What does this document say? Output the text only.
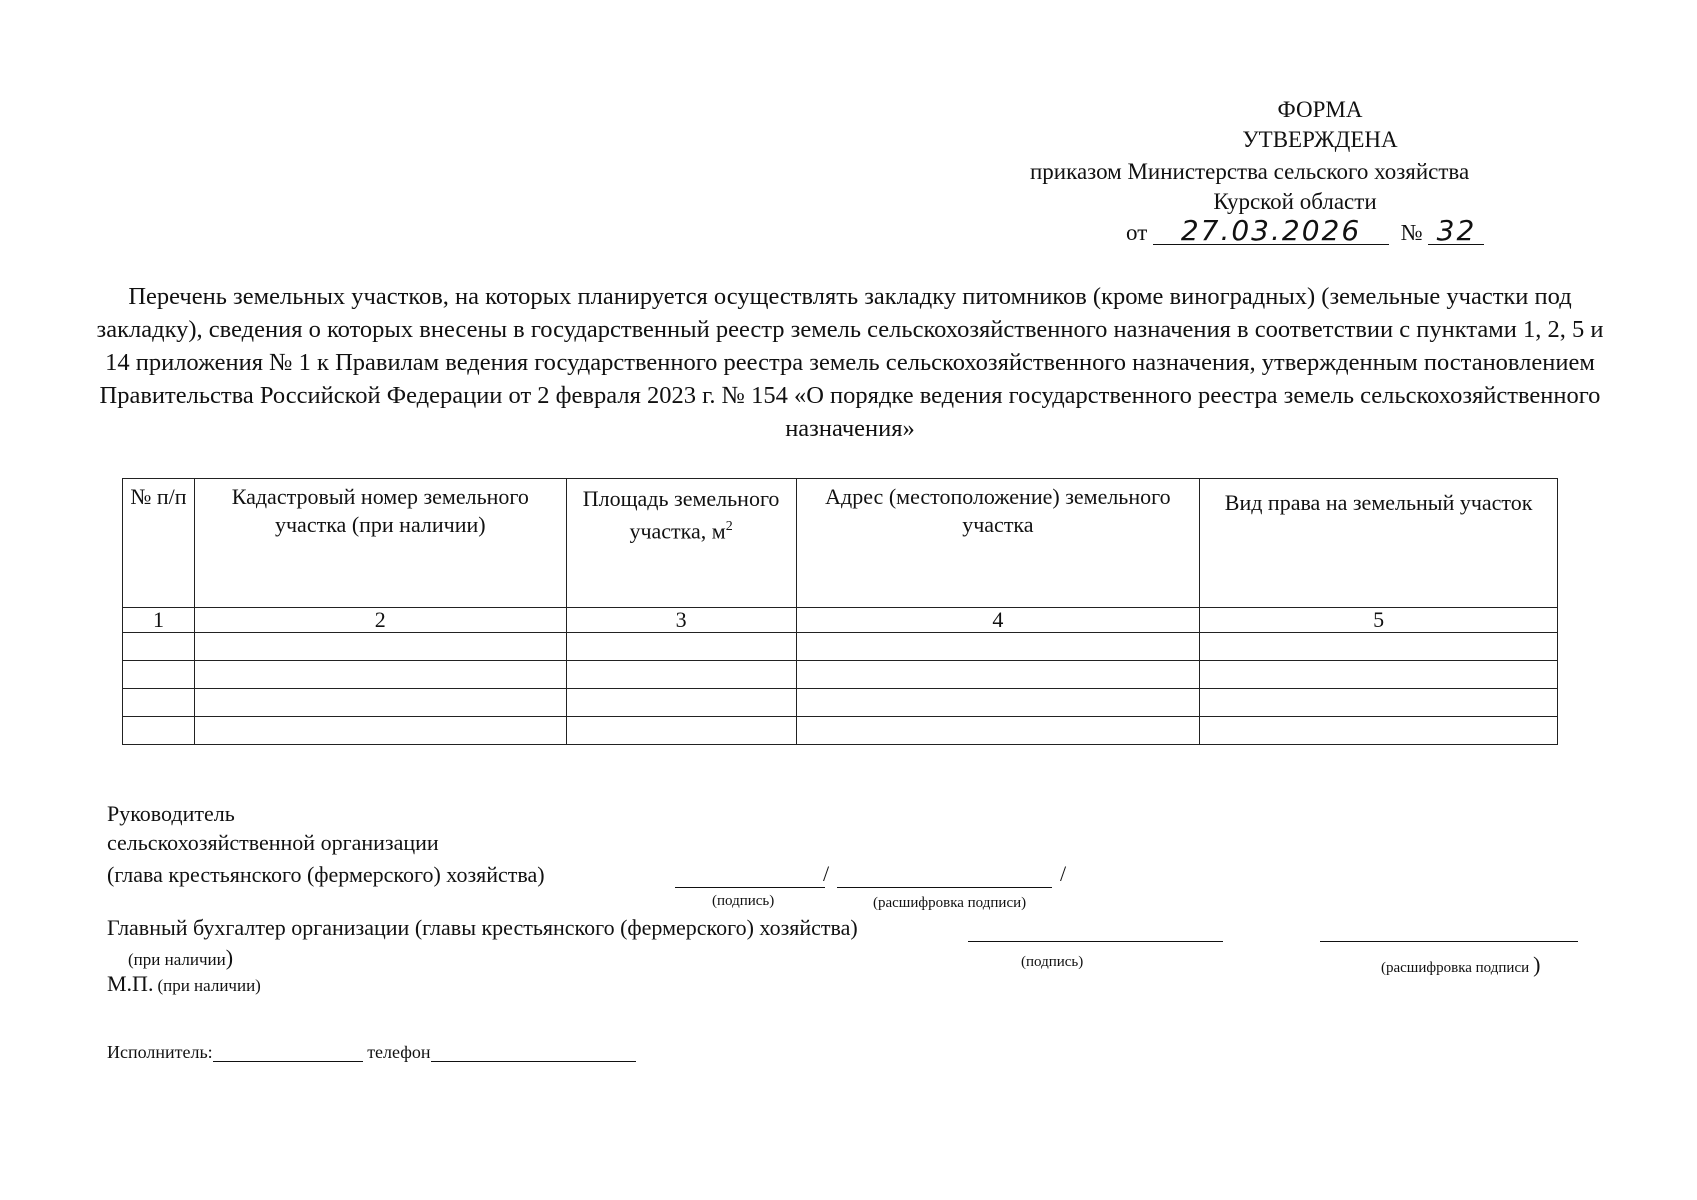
ФОРМА
УТВЕРЖДЕНА
приказом Министерства сельского хозяйства
Курской области
от 27.03.2026 № 32
Перечень земельных участков, на которых планируется осуществлять закладку питомников (кроме виноградных) (земельные участки под закладку), сведения о которых внесены в государственный реестр земель сельскохозяйственного назначения в соответствии с пунктами 1, 2, 5 и 14 приложения № 1 к Правилам ведения государственного реестра земель сельскохозяйственного назначения, утвержденным постановлением Правительства Российской Федерации от 2 февраля 2023 г. № 154 «О порядке ведения государственного реестра земель сельскохозяйственного назначения»
№ п/п	Кадастровый номер земельного участка (при наличии)	Площадь земельного участка, $м^2$	Адрес (местоположение) земельного участка	Вид права на земельный участок
1	2	3	4	5

Руководитель
сельскохозяйственной организации
(глава крестьянского (фермерского) хозяйства)	/	/
(подпись)	(расшифровка подписи)
Главный бухгалтер организации (главы крестьянского (фермерского) хозяйства)
(при наличии)	(подпись)	(расшифровка подписи )
М.П. (при наличии)
Исполнитель:	телефон
